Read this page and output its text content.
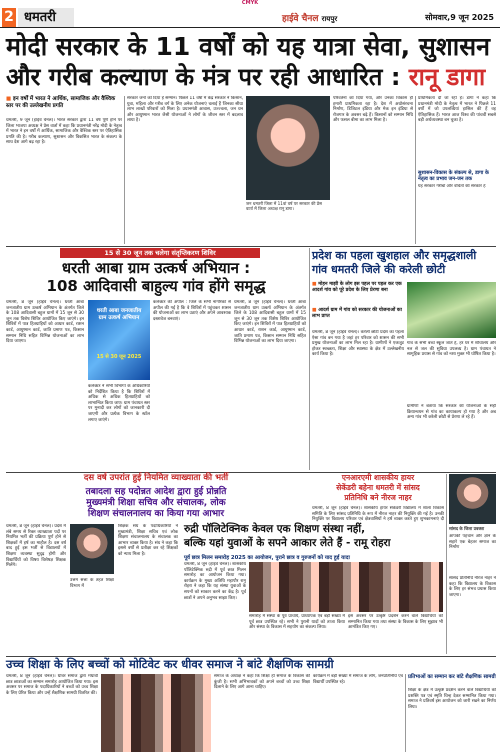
CMYK
2 धमतरी	हाईवे चैनल रायपुर	सोमवार,9 जून 2025
मोदी सरकार के 11 वर्षों को यह यात्रा सेवा, सुशासन
और गरीब कल्याण के मंत्र पर रही आधारित : रानू डागा
■ इन वर्षों में भारत ने आर्थिक, सामाजिक और वैश्विक स्तर पर की उल्लेखनीय प्रगति
धमतरी, 9 जून (हाईवे चैनल)। भारत सरकार द्वारा 11 वर्ष पूर्ण होने पर जिला भाजपा अध्यक्ष ने प्रेस वार्ता में कहा कि प्रधानमंत्री नरेंद्र मोदी के नेतृत्व में भारत ने इन वर्षों में आर्थिक, सामाजिक और वैश्विक स्तर पर ऐतिहासिक प्रगति की है। गरीब कल्याण, सुशासन और विकसित भारत के संकल्प के साथ देश आगे बढ़ रहा है।
सरकार जनों को दिया है सम्मान। पिछले 11 वर्षों में केंद्र सरकार ने किसान, युवा, महिला और गरीब वर्ग के लिए अनेक योजनाएं चलाई हैं जिनका सीधा लाभ लाखों परिवारों को मिला है। प्रधानमंत्री आवास, उज्ज्वला, जन धन और आयुष्मान भारत जैसी योजनाओं ने लोगों के जीवन स्तर में बदलाव लाया है।
जन धमतरी जिला में 11वां वर्ष पर सरकार की प्रेस वार्ता में जिला अध्यक्ष रानू डागा।
परिवर्तनों को दिया गया, और उनका विकास ही हमारी प्राथमिकता रहा है। देश में अधोसंरचना निर्माण, डिजिटल इंडिया और मेक इन इंडिया से रोजगार के अवसर बढ़े हैं। किसानों को सम्मान निधि और फसल बीमा का लाभ मिला है।
प्राथमिकता दी जा रही है। डागा ने कहा कि प्रधानमंत्री मोदी के नेतृत्व में भारत ने पिछले 11 वर्षों में जो उपलब्धियां हासिल की हैं वह ऐतिहासिक हैं। भारत आज विश्व की पांचवीं सबसे बड़ी अर्थव्यवस्था बन चुका है।
सुशासन-विकास के संकल्प से, डागा के नेतृत्व का प्रभाव जन-जन तक
यह सरकार गरीबों और वंचितों की सरकार है
15 से 30 जून तक चलेगा संतृप्तिकरण शिविर
धरती आबा ग्राम उत्कर्ष अभियान :
108 आदिवासी बाहुल्य गांव होंगे समृद्ध
धमतरी, 8 जून (हाईवे चैनल)। धरती आबा जनजातीय ग्राम उत्कर्ष अभियान के अंतर्गत जिले के 108 आदिवासी बहुल ग्रामों में 15 जून से 30 जून तक विशेष शिविर आयोजित किए जाएंगे। इन शिविरों में पात्र हितग्राहियों को आधार कार्ड, राशन कार्ड, आयुष्मान कार्ड, जाति प्रमाण पत्र, किसान सम्मान निधि सहित विभिन्न योजनाओं का लाभ दिया जाएगा।
धरती आबा जनजातीय ग्राम उत्कर्ष अभियान
15 से 30 जून 2025
कलेक्टर ने सभी विभागों के अधिकारियों को निर्देशित किया है कि शिविरों में अधिक से अधिक हितग्राहियों को लाभान्वित किया जाए। ग्राम पंचायत स्तर पर मुनादी कर लोगों को जानकारी दी जाएगी और प्रत्येक विभाग के स्टॉल लगाए जाएंगे।
कलेक्टर की अपील : जिले के सभी नागरिकों से अपील की गई है कि वे शिविरों में पहुंचकर शासन की योजनाओं का लाभ उठाएं और अपने आवश्यक दस्तावेज बनवाएं।
धमतरी, 8 जून (हाईवे चैनल)। धरती आबा जनजातीय ग्राम उत्कर्ष अभियान के अंतर्गत जिले के 108 आदिवासी बहुल ग्रामों में 15 जून से 30 जून तक विशेष शिविर आयोजित किए जाएंगे। इन शिविरों में पात्र हितग्राहियों को आधार कार्ड, राशन कार्ड, आयुष्मान कार्ड, जाति प्रमाण पत्र, किसान सम्मान निधि सहित विभिन्न योजनाओं का लाभ दिया जाएगा।
प्रदेश का पहला खुशहाल और समृद्धशाली
गांव धमतरी जिले की करेली छोटी
■ मोहन माझी के लोग इस पहल पर पहल कर एक आदर्श गांव को पूरे प्रदेश के लिए प्रेरणा बना
■ आदर्श ग्राम में गांव को सरकार की योजनाओं का लाभ प्राप्त
धमतरी, 8 जून (हाईवे चैनल)। करेली छोटी प्रदेश का पहला ऐसा गांव बन गया है जहां हर परिवार को शासन की सभी प्रमुख योजनाओं का लाभ मिल रहा है। ग्रामीणों ने एकजुट होकर स्वच्छता, शिक्षा और स्वास्थ्य के क्षेत्र में उल्लेखनीय कार्य किया है।
गांव के सभी बच्चे स्कूल जाते हैं, हर घर में शौचालय और नल से जल की सुविधा उपलब्ध है। ग्राम पंचायत ने सामूहिक प्रयास से गांव को नशा मुक्त भी घोषित किया है।
ग्रामीणों ने बताया कि सरकार की योजनाओं के सही क्रियान्वयन से गांव का कायाकल्प हो गया है और अब अन्य गांव भी करेली छोटी से प्रेरणा ले रहे हैं।
दस वर्ष उपरांत हुई नियमित व्याख्याता की भर्ती
तबादला सह पदोन्नत आदेश द्वारा हुई प्रोन्नति
मुख्यमंत्री शिक्षा सचिव और संचालक, लोक
शिक्षण संचालनालय का किया गया आभार
धमतरी, 8 जून (हाईवे चैनल)। प्रदेश में लंबे समय से रिक्त व्याख्याता पदों पर नियमित भर्ती की प्रक्रिया पूर्ण होने से शिक्षकों में हर्ष का माहौल है। दस वर्ष बाद हुई इस भर्ती से विद्यालयों में शिक्षण व्यवस्था सुदृढ़ होगी और विद्यार्थियों को विषय विशेषज्ञ शिक्षक मिलेंगे।
शिक्षक संघ के पदाधिकारियों ने मुख्यमंत्री, शिक्षा सचिव एवं लोक शिक्षण संचालनालय के संचालक का आभार व्यक्त किया है। संघ ने कहा कि इससे वर्षों से प्रतीक्षा कर रहे शिक्षकों को न्याय मिला है।
उत्तम सत्ता के तहत शिक्षा विभाग में
रुद्री पॉलिटेक्निक केवल एक शिक्षण संस्था नहीं,
बल्कि यहां युवाओं के सपने आकार लेते हैं - रामू रोहरा
पूर्व छात्र मिलन समारोह 2025 का आयोजन, पुराने छात्र व गुरुजनों को याद हुई यादा
धमतरी, 8 जून (हाईवे चैनल)। शासकीय पॉलिटेक्निक रुद्री में पूर्व छात्र मिलन समारोह का आयोजन किया गया। कार्यक्रम के मुख्य अतिथि महापौर रामू रोहरा ने कहा कि यह संस्था युवाओं के सपनों को साकार करने का केंद्र है। पूर्व छात्रों ने अपने अनुभव साझा किए।
समारोह में संस्था के पूर्व प्राचार्य, प्राध्यापक एवं बड़ी संख्या में पूर्व छात्र उपस्थित रहे। सभी ने पुरानी यादों को ताजा किया और संस्था के विकास में सहयोग का संकल्प लिया।
इस अवसर पर उत्कृष्ट प्रदर्शन करने वाले विद्यार्थियों को सम्मानित किया गया तथा संस्था के विकास के लिए सुझाव भी आमंत्रित किए गए।
एनआरएमी शासकीय हायर
सेकेंडरी बहेना धमतरी में सांसद
प्रतिनिधि बने नीरज नाहर
धमतरी, 8 जून (हाईवे चैनल)। शासकीय हायर सेकेंडरी विद्यालय में शाला विकास समिति के लिए सांसद प्रतिनिधि के रूप में नीरज नाहर की नियुक्ति की गई है। उनकी नियुक्ति पर विद्यालय परिवार एवं क्षेत्रवासियों ने हर्ष व्यक्त करते हुए शुभकामनाएं दी
सांसद के जिला प्रवक्ता
आपकी पहचान और ज्ञान के सहारे एक बेहतर समाज का निर्माण
सांसद प्रतिनिधि नीरज नाहर ने कहा कि विद्यालय के विकास के लिए हर संभव प्रयास किया जाएगा।
उच्च शिक्षा के लिए बच्चों को मोटिवेट कर धीवर समाज ने बांटे शैक्षणिक सामग्री
धमतरी, 8 जून (हाईवे चैनल)। धीवर समाज द्वारा मेधावी छात्र छात्राओं का सम्मान समारोह आयोजित किया गया। इस अवसर पर समाज के पदाधिकारियों ने बच्चों को उच्च शिक्षा के लिए प्रेरित किया और उन्हें शैक्षणिक सामग्री वितरित की।
समाज के अध्यक्ष ने कहा कि शिक्षा ही समाज के विकास की कुंजी है। सभी अभिभावकों को अपने बच्चों को उच्च शिक्षा दिलाने के लिए आगे आना चाहिए।
कार्यक्रम में बड़ी संख्या में समाज के लोग, जनप्रतिनिधि एवं विद्यार्थी उपस्थित रहे।
प्रतिभाओं का सम्मान कर बांटे शैक्षणिक सामग्री
शिक्षा के क्षेत्र में उत्कृष्ट प्रदर्शन करने वाले विद्यार्थियों को प्रशस्ति पत्र एवं स्मृति चिन्ह देकर सम्मानित किया गया। समाज ने प्रतिवर्ष इस आयोजन को जारी रखने का निर्णय लिया।
